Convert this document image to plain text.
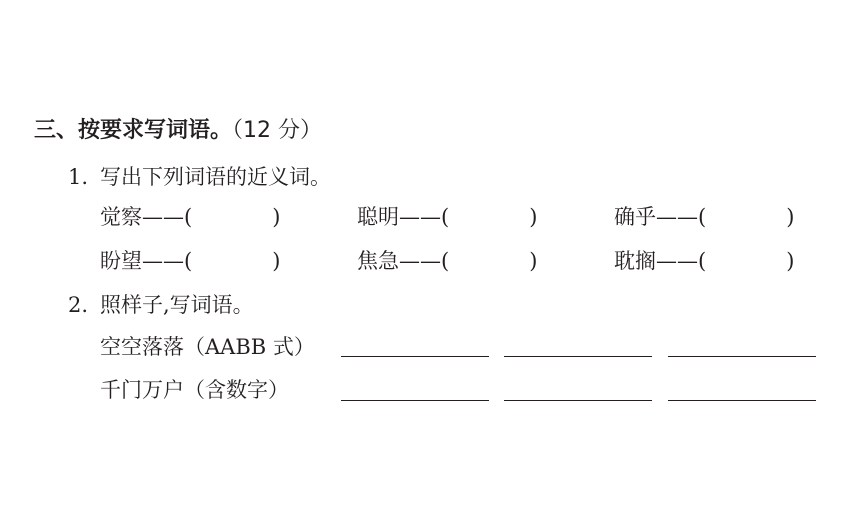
三、按要求写词语。（12 分）
1. 写出下列词语的近义词。
觉察——(	)	聪明——(	)	确乎——(	)
盼望——(	)	焦急——(	)	耽搁——(	)
2. 照样子,写词语。
空空落落（AABB 式）
千门万户（含数字）
